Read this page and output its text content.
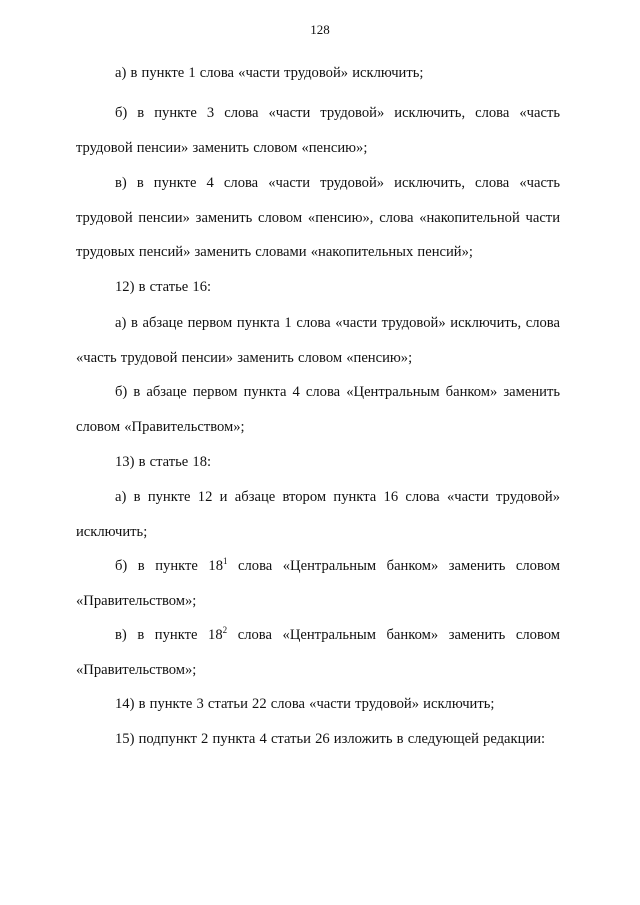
128

а) в пункте 1 слова «части трудовой» исключить;

б) в пункте 3 слова «части трудовой» исключить, слова «часть трудовой пенсии» заменить словом «пенсию»;

в) в пункте 4 слова «части трудовой» исключить, слова «часть трудовой пенсии» заменить словом «пенсию», слова «накопительной части трудовых пенсий» заменить словами «накопительных пенсий»;

12) в статье 16:

а) в абзаце первом пункта 1 слова «части трудовой» исключить, слова «часть трудовой пенсии» заменить словом «пенсию»;

б) в абзаце первом пункта 4 слова «Центральным банком» заменить словом «Правительством»;

13) в статье 18:

а) в пункте 12 и абзаце втором пункта 16 слова «части трудовой» исключить;

б) в пункте $18^1$ слова «Центральным банком» заменить словом «Правительством»;

в) в пункте $18^2$ слова «Центральным банком» заменить словом «Правительством»;

14) в пункте 3 статьи 22 слова «части трудовой» исключить;

15) подпункт 2 пункта 4 статьи 26 изложить в следующей редакции:
